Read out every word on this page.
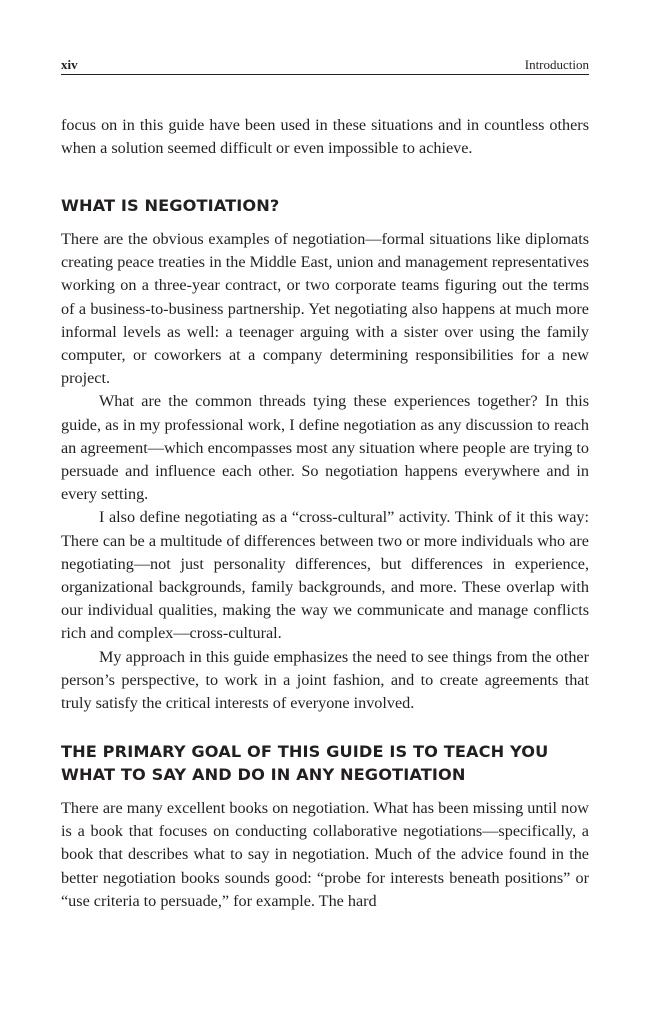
xiv	Introduction

focus on in this guide have been used in these situations and in countless others when a solution seemed difficult or even impossible to achieve.

WHAT IS NEGOTIATION?

There are the obvious examples of negotiation—formal situations like diplomats creating peace treaties in the Middle East, union and management representatives working on a three-year contract, or two corporate teams figuring out the terms of a business-to-business partnership. Yet negotiating also happens at much more informal levels as well: a teenager arguing with a sister over using the family computer, or coworkers at a company determining responsibilities for a new project.

What are the common threads tying these experiences together? In this guide, as in my professional work, I define negotiation as any discussion to reach an agreement—which encompasses most any situation where people are trying to persuade and influence each other. So negotiation happens everywhere and in every setting.

I also define negotiating as a “cross-cultural” activity. Think of it this way: There can be a multitude of differences between two or more individuals who are negotiating—not just personality differences, but differences in experience, organizational backgrounds, family backgrounds, and more. These overlap with our individual qualities, making the way we communicate and manage conflicts rich and complex—cross-cultural.

My approach in this guide emphasizes the need to see things from the other person’s perspective, to work in a joint fashion, and to create agreements that truly satisfy the critical interests of everyone involved.

THE PRIMARY GOAL OF THIS GUIDE IS TO TEACH YOU
WHAT TO SAY AND DO IN ANY NEGOTIATION

There are many excellent books on negotiation. What has been missing until now is a book that focuses on conducting collaborative negotiations—specifically, a book that describes what to say in negotiation. Much of the advice found in the better negotiation books sounds good: “probe for interests beneath positions” or “use criteria to persuade,” for example. The hard
